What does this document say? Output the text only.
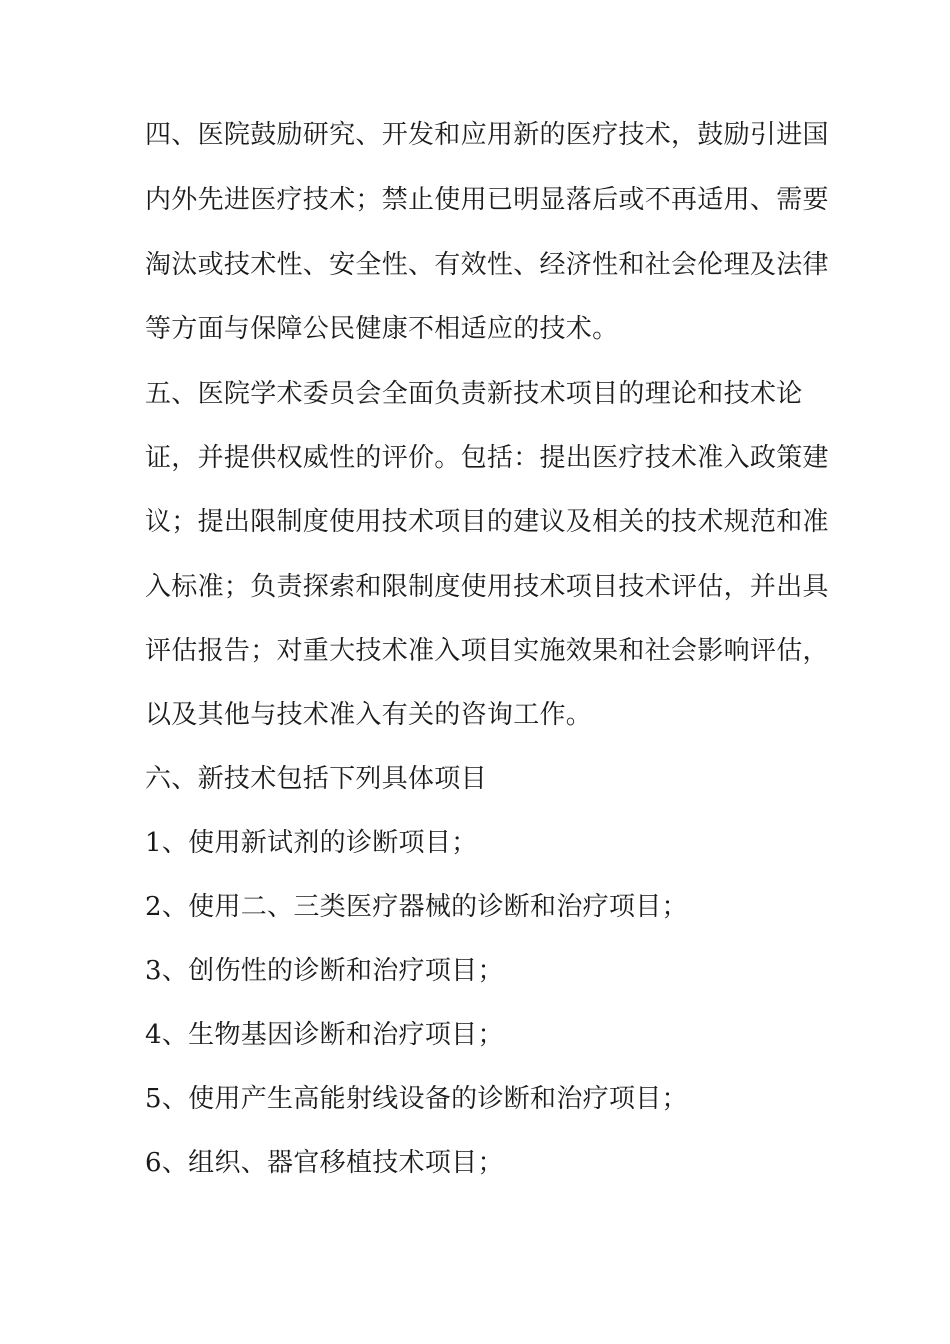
四、医院鼓励研究、开发和应用新的医疗技术，鼓励引进国
内外先进医疗技术；禁止使用已明显落后或不再适用、需要
淘汰或技术性、安全性、有效性、经济性和社会伦理及法律
等方面与保障公民健康不相适应的技术。
五、医院学术委员会全面负责新技术项目的理论和技术论
证，并提供权威性的评价。包括：提出医疗技术准入政策建
议；提出限制度使用技术项目的建议及相关的技术规范和准
入标准；负责探索和限制度使用技术项目技术评估，并出具
评估报告；对重大技术准入项目实施效果和社会影响评估，
以及其他与技术准入有关的咨询工作。
六、新技术包括下列具体项目
1、使用新试剂的诊断项目；
2、使用二、三类医疗器械的诊断和治疗项目；
3、创伤性的诊断和治疗项目；
4、生物基因诊断和治疗项目；
5、使用产生高能射线设备的诊断和治疗项目；
6、组织、器官移植技术项目；
